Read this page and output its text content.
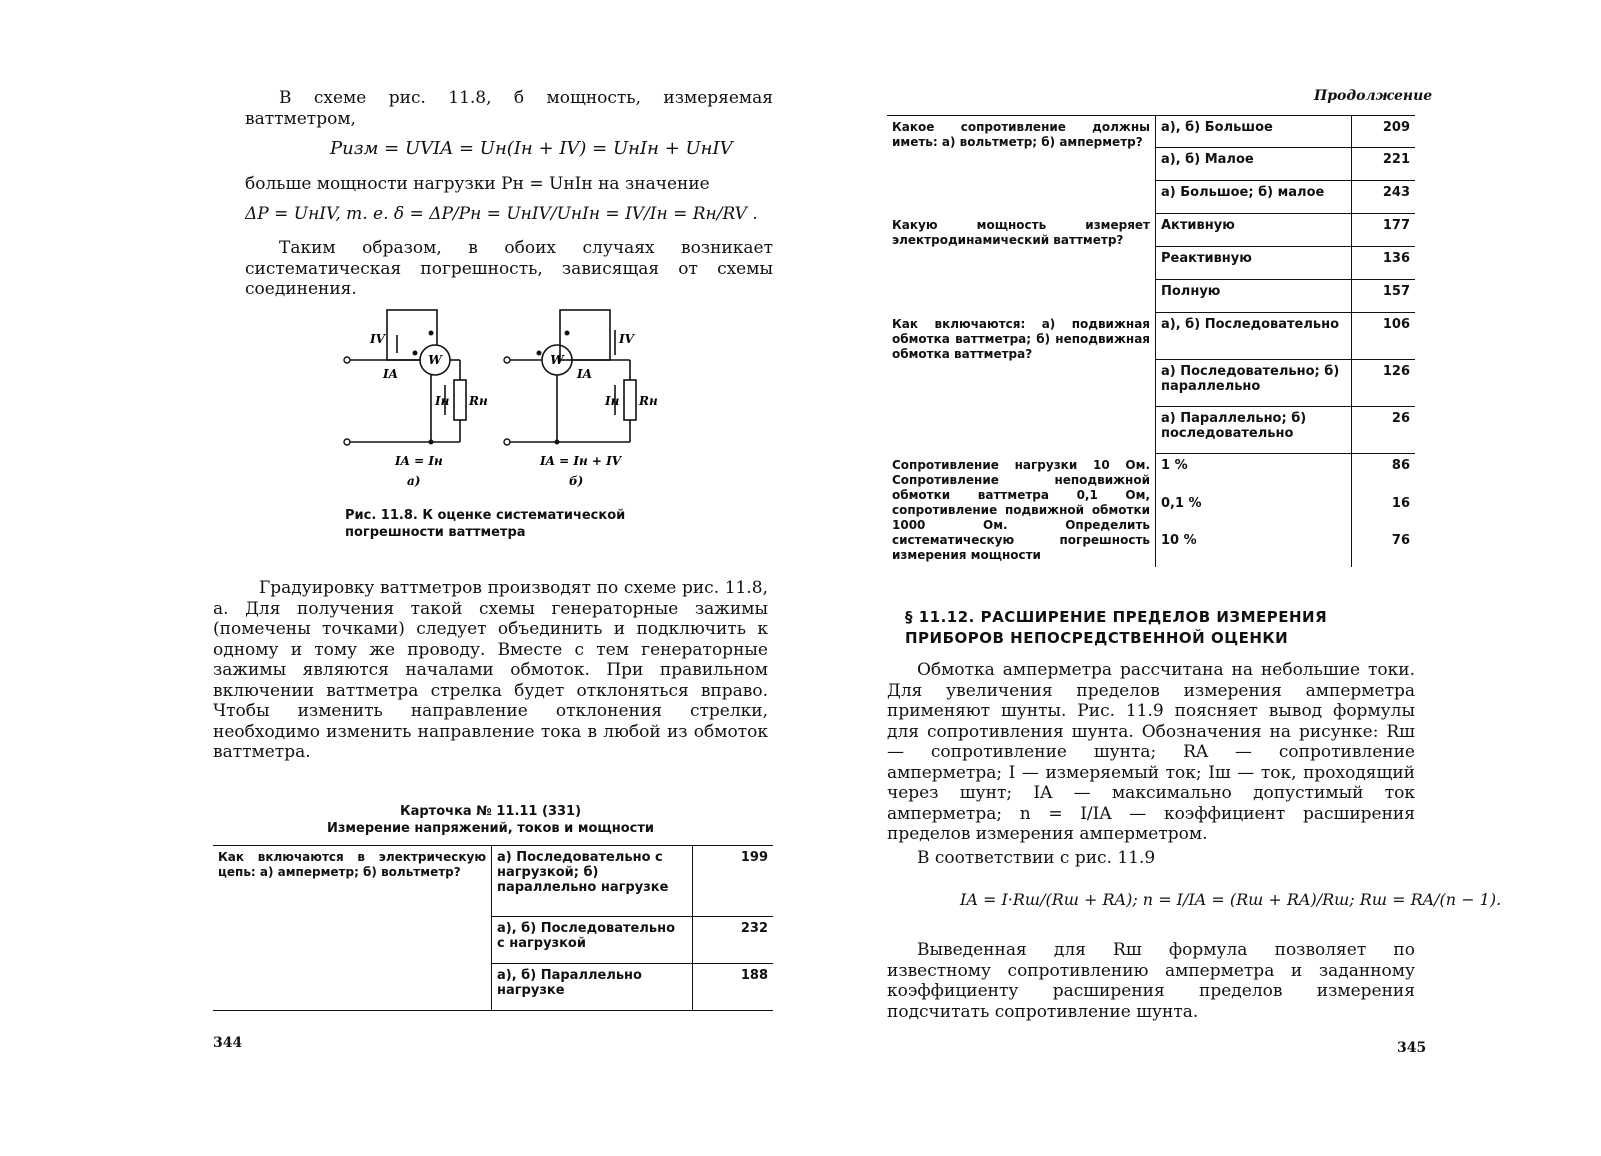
В схеме рис. 11.8, б мощность, измеряемая ваттметром,

Pизм = UVIA = Uн(Iн + IV) = UнIн + UнIV

больше мощности нагрузки Pн = UнIн на значение

ΔP = UнIV, т. е. δ = ΔP/Pн = UнIV/UнIн = IV/Iн = Rн/RV .

Таким образом, в обоих случаях возникает систематическая погрешность, зависящая от схемы соединения.

W
IV
IA
Iн Rн
IA = Iн
а)
W
IV
IA
Iн Rн
IA = Iн + IV
б)
Рис. 11.8. К оценке систематической погрешности ваттметра

Градуировку ваттметров производят по схеме рис. 11.8, а. Для получения такой схемы генераторные зажимы (помечены точками) следует объединить и подключить к одному и тому же проводу. Вместе с тем генераторные зажимы являются началами обмоток. При правильном включении ваттметра стрелка будет отклоняться вправо. Чтобы изменить направление отклонения стрелки, необходимо изменить направление тока в любой из обмоток ваттметра.

Карточка № 11.11 (331)
Измерение напряжений, токов и мощности
Как включаются в электрическую цепь: а) амперметр; б) вольтметр?	а) Последовательно с нагрузкой; б) параллельно нагрузке	199
	а), б) Последовательно с нагрузкой	232
	а), б) Параллельно нагрузке	188
344
Продолжение
Какое сопротивление должны иметь: а) вольтметр; б) амперметр?	а), б) Большое	209
	а), б) Малое	221
	а) Большое; б) малое	243
Какую мощность измеряет электродинамический ваттметр?	Активную	177
	Реактивную	136
	Полную	157
Как включаются: а) подвижная обмотка ваттметра; б) неподвижная обмотка ваттметра?	а), б) Последовательно	106
	а) Последовательно; б) параллельно	126
	а) Параллельно; б) последовательно	26
Сопротивление нагрузки 10 Ом. Сопротивление неподвижной обмотки ваттметра 0,1 Ом, сопротивление подвижной обмотки 1000 Ом. Определить систематическую погрешность измерения мощности	1 %	86
	0,1 %	16
	10 %	76
§ 11.12. РАСШИРЕНИЕ ПРЕДЕЛОВ ИЗМЕРЕНИЯ ПРИБОРОВ НЕПОСРЕДСТВЕННОЙ ОЦЕНКИ

Обмотка амперметра рассчитана на небольшие токи. Для увеличения пределов измерения амперметра применяют шунты. Рис. 11.9 поясняет вывод формулы для сопротивления шунта. Обозначения на рисунке: Rш — сопротивление шунта; RA — сопротивление амперметра; I — измеряемый ток; Iш — ток, проходящий через шунт; IA — максимально допустимый ток амперметра; n = I/IA — коэффициент расширения пределов измерения амперметром.

В соответствии с рис. 11.9

IA = I·Rш/(Rш + RA); n = I/IA = (Rш + RA)/Rш; Rш = RA/(n − 1).

Выведенная для Rш формула позволяет по известному сопротивлению амперметра и заданному коэффициенту расширения пределов измерения подсчитать сопротивление шунта.

345
